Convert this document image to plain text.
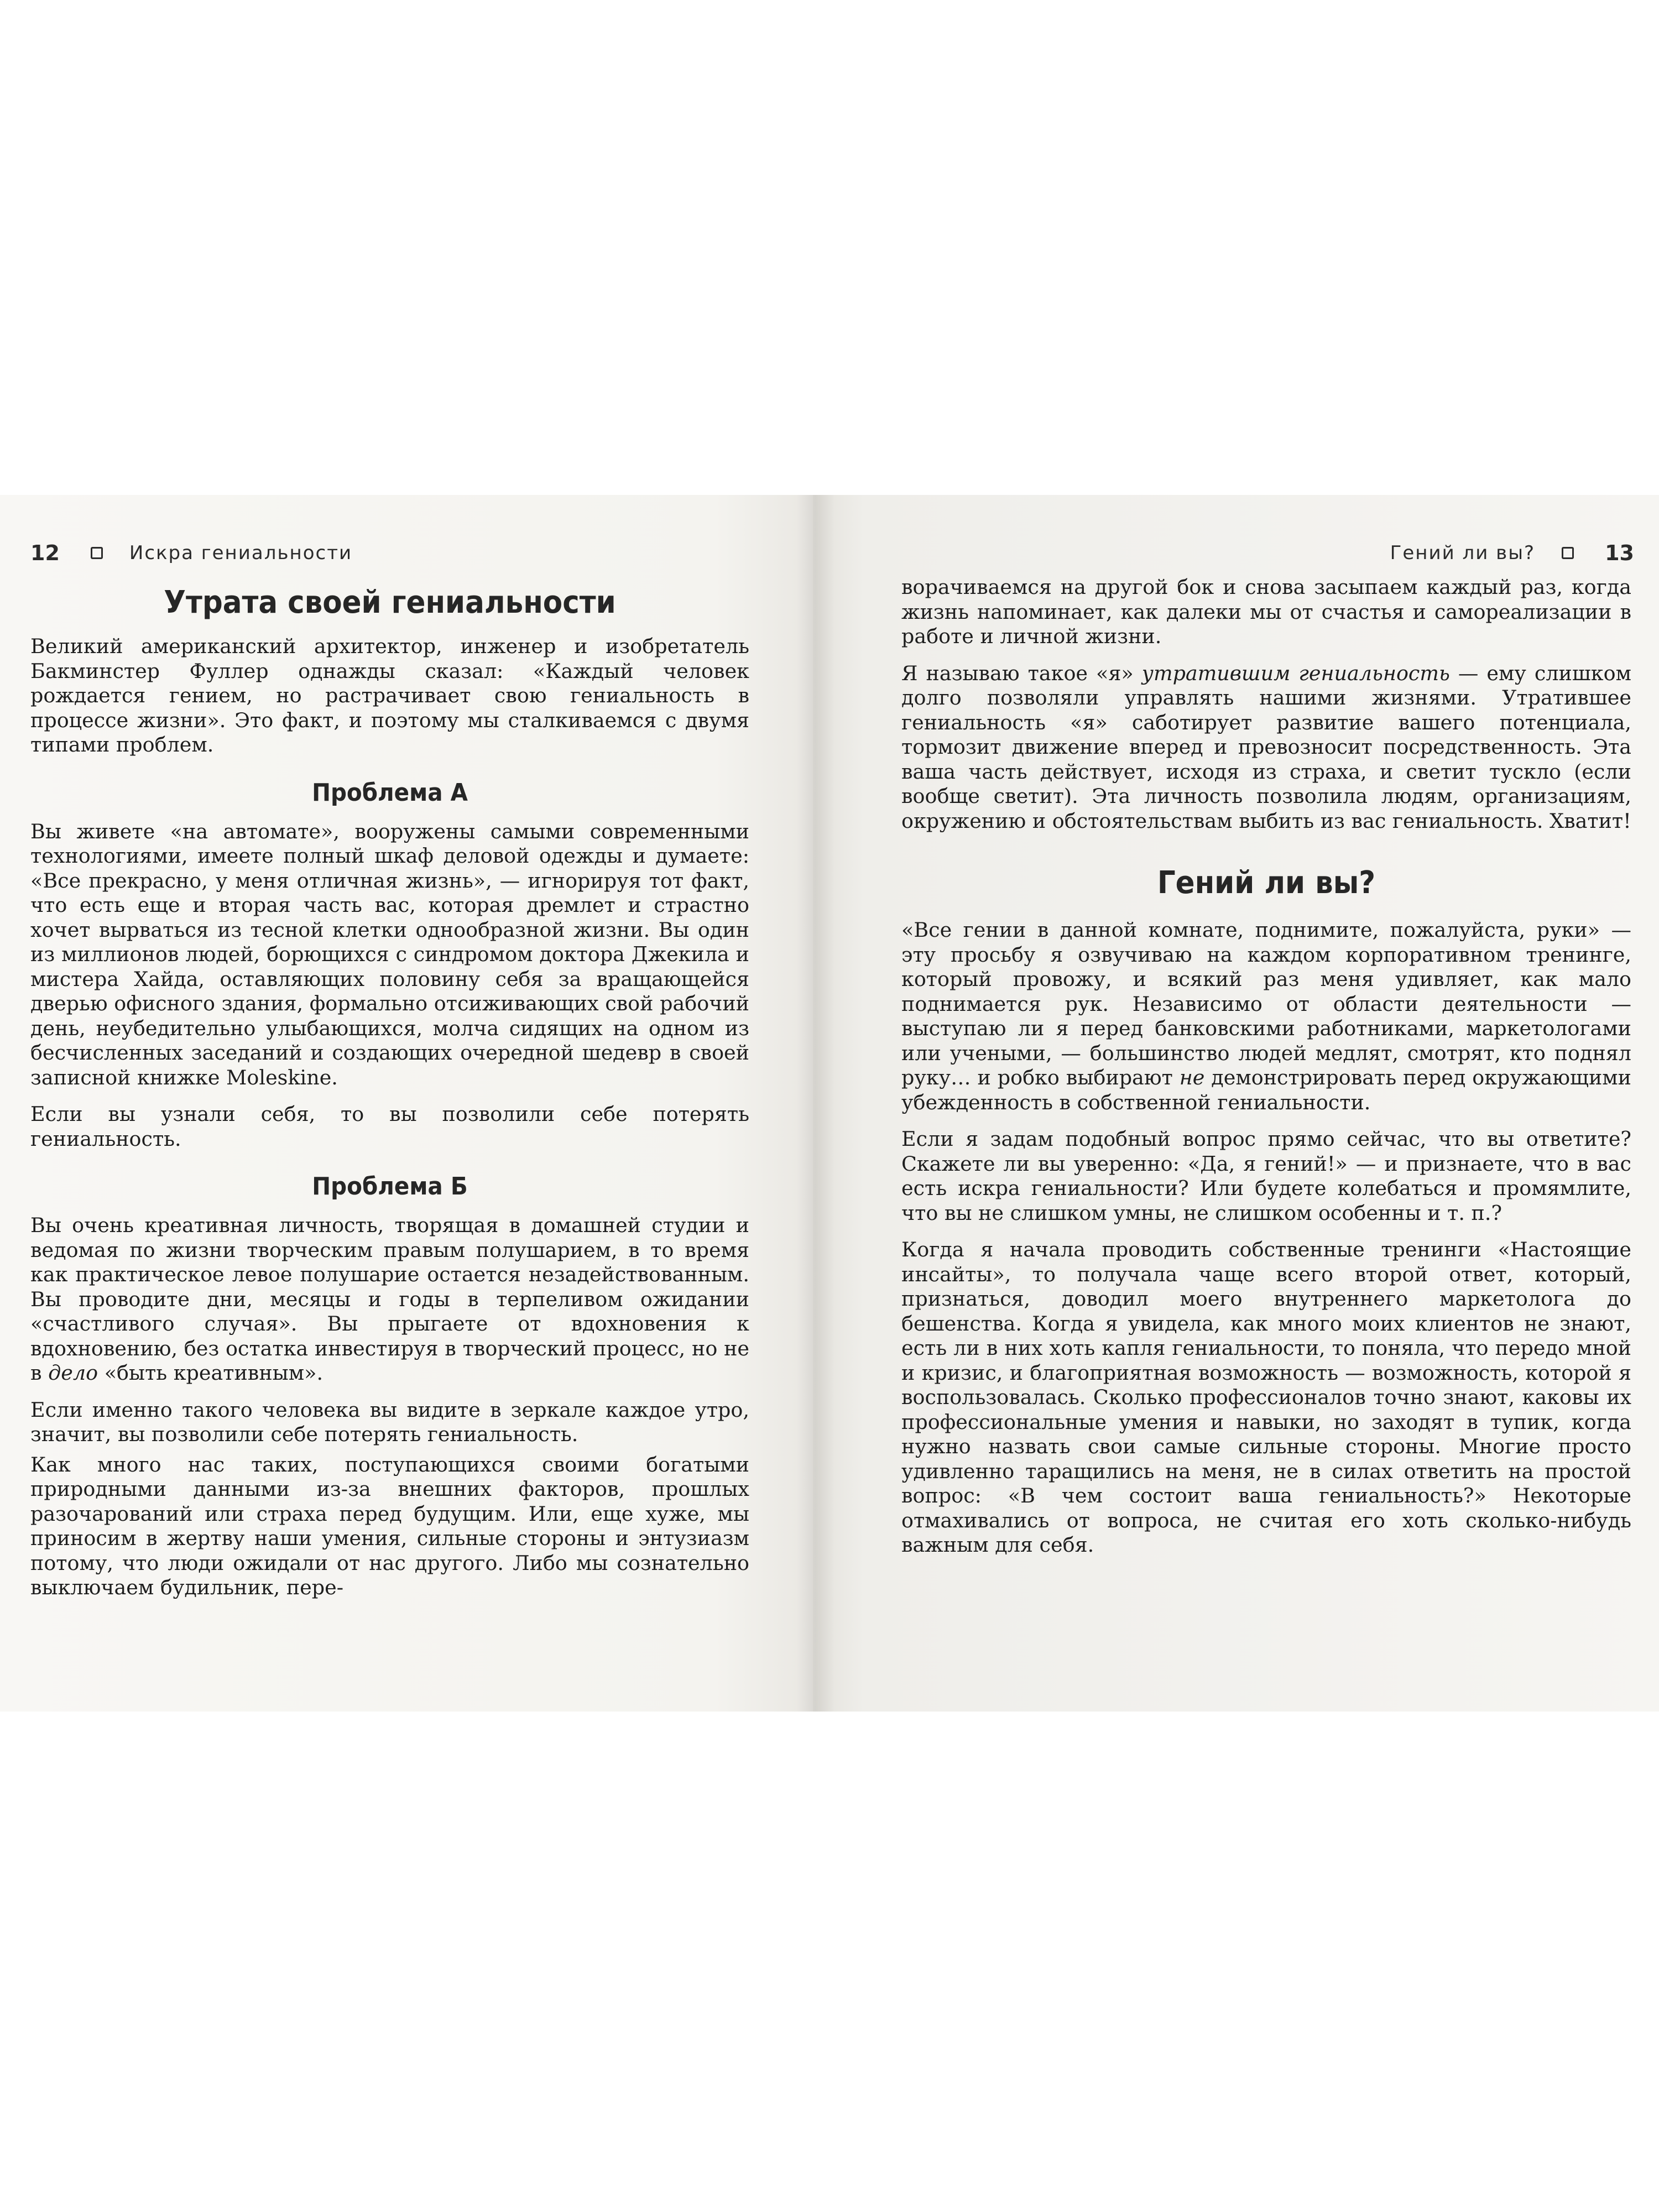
12	Искра гениальности
Утрата своей гениальности

Великий американский архитектор, инженер и изобретатель Бакминстер Фуллер однажды сказал: «Каждый человек рождается гением, но растрачивает свою гениальность в процессе жизни». Это факт, и поэтому мы сталкиваемся с двумя типами проблем.

Проблема А

Вы живете «на автомате», вооружены самыми современными технологиями, имеете полный шкаф деловой одежды и думаете: «Все прекрасно, у меня отличная жизнь», — игнорируя тот факт, что есть еще и вторая часть вас, которая дремлет и страстно хочет вырваться из тесной клетки однообразной жизни. Вы один из миллионов людей, борющихся с синдромом доктора Джекила и мистера Хайда, оставляющих половину себя за вращающейся дверью офисного здания, формально отсиживающих свой рабочий день, неубедительно улыбающихся, молча сидящих на одном из бесчисленных заседаний и создающих очередной шедевр в своей записной книжке Moleskine.

Если вы узнали себя, то вы позволили себе потерять гениальность.

Проблема Б

Вы очень креативная личность, творящая в домашней студии и ведомая по жизни творческим правым полушарием, в то время как практическое левое полушарие остается незадействованным. Вы проводите дни, месяцы и годы в терпеливом ожидании «счастливого случая». Вы прыгаете от вдохновения к вдохновению, без остатка инвестируя в творческий процесс, но не в дело «быть креативным».

Если именно такого человека вы видите в зеркале каждое утро, значит, вы позволили себе потерять гениальность.

Как много нас таких, поступающихся своими богатыми природными данными из-за внешних факторов, прошлых разочарований или страха перед будущим. Или, еще хуже, мы приносим в жертву наши умения, сильные стороны и энтузиазм потому, что люди ожидали от нас другого. Либо мы сознательно выключаем будильник, пере-

Гений ли вы?	13

ворачиваемся на другой бок и снова засыпаем каждый раз, когда жизнь напоминает, как далеки мы от счастья и самореализации в работе и личной жизни.

Я называю такое «я» утратившим гениальность — ему слишком долго позволяли управлять нашими жизнями. Утратившее гениальность «я» саботирует развитие вашего потенциала, тормозит движение вперед и превозносит посредственность. Эта ваша часть действует, исходя из страха, и светит тускло (если вообще светит). Эта личность позволила людям, организациям, окружению и обстоятельствам выбить из вас гениальность. Хватит!

Гений ли вы?

«Все гении в данной комнате, поднимите, пожалуйста, руки» — эту просьбу я озвучиваю на каждом корпоративном тренинге, который провожу, и всякий раз меня удивляет, как мало поднимается рук. Независимо от области деятельности — выступаю ли я перед банковскими работниками, маркетологами или учеными, — большинство людей медлят, смотрят, кто поднял руку… и робко выбирают не демонстрировать перед окружающими убежденность в собственной гениальности.

Если я задам подобный вопрос прямо сейчас, что вы ответите? Скажете ли вы уверенно: «Да, я гений!» — и признаете, что в вас есть искра гениальности? Или будете колебаться и промямлите, что вы не слишком умны, не слишком особенны и т. п.?

Когда я начала проводить собственные тренинги «Настоящие инсайты», то получала чаще всего второй ответ, который, признаться, доводил моего внутреннего маркетолога до бешенства. Когда я увидела, как много моих клиентов не знают, есть ли в них хоть капля гениальности, то поняла, что передо мной и кризис, и благоприятная возможность — возможность, которой я воспользовалась. Сколько профессионалов точно знают, каковы их профессиональные умения и навыки, но заходят в тупик, когда нужно назвать свои самые сильные стороны. Многие просто удивленно таращились на меня, не в силах ответить на простой вопрос: «В чем состоит ваша гениальность?» Некоторые отмахивались от вопроса, не считая его хоть сколько-нибудь важным для себя.
